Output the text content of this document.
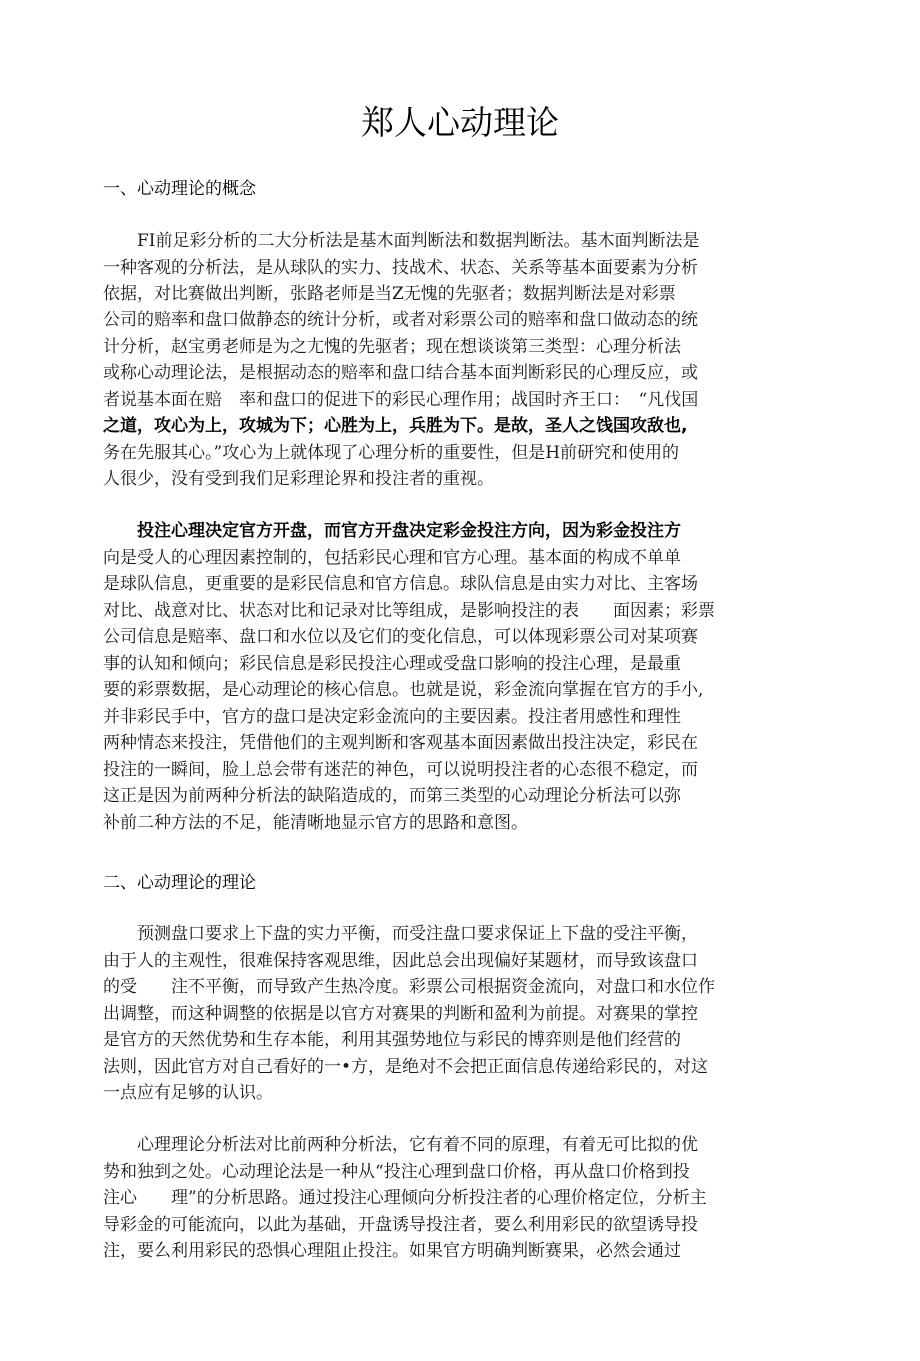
郑人心动理论
一、心动理论的概念
　　FI前足彩分析的二大分析法是基木面判断法和数据判断法。基木面判断法是
一种客观的分析法，是从球队的实力、技战术、状态、关系等基本面要素为分析
依据，对比赛做出判断，张路老师是当Z无愧的先驱者；数据判断法是对彩票
公司的赔率和盘口做静态的统计分析，或者对彩票公司的赔率和盘口做动态的统
计分析，赵宝勇老师是为之尢愧的先驱者；现在想谈谈第三类型：心理分析法
或称心动理论法，是根据动态的赔率和盘口结合基本面判断彩民的心理反应，或
者说基本面在赔　率和盘口的促进下的彩民心理作用；战国时齐王口：　“凡伐国
之道，攻心为上，攻城为下；心胜为上，兵胜为下。是故，圣人之饯国攻敌也,
务在先服其心。”攻心为上就体现了心理分析的重要性，但是H前研究和使用的
人很少，没有受到我们足彩理论界和投注者的重视。
　　投注心理决定官方开盘，而官方开盘决定彩金投注方向，因为彩金投注方
向是受人的心理因素控制的，包括彩民心理和官方心理。基本面的构成不单单
是球队信息，更重要的是彩民信息和官方信息。球队信息是由实力对比、主客场
对比、战意对比、状态对比和记录对比等组成，是影响投注的表　　面因素；彩票
公司信息是赔率、盘口和水位以及它们的变化信息，可以体现彩票公司对某项赛
事的认知和倾向；彩民信息是彩民投注心理或受盘口影响的投注心理，是最重
要的彩票数据，是心动理论的核心信息。也就是说，彩金流向掌握在官方的手小,
并非彩民手中，官方的盘口是决定彩金流向的主要因素。投注者用感性和理性
两种情态来投注，凭借他们的主观判断和客观基本面因素做出投注决定，彩民在
投注的一瞬间，脸丄总会带有迷茫的神色，可以说明投注者的心态很不稳定，而
这正是因为前两种分析法的缺陷造成的，而第三类型的心动理论分析法可以弥
补前二种方法的不足，能清晰地显示官方的思路和意图。
二、心动理论的理论
　　预测盘口要求上下盘的实力平衡，而受注盘口要求保证上下盘的受注平衡，
由于人的主观性，很难保持客观思维，因此总会出现偏好某题材，而导致该盘口
的受　　注不平衡，而导致产生热冷度。彩票公司根据资金流向，对盘口和水位作
出调整，而这种调整的依据是以官方对赛果的判断和盈利为前提。对赛果的掌控
是官方的天然优势和生存本能，利用其强势地位与彩民的博弈则是他们经营的
法则，因此官方对自己看好的一•方，是绝对不会把正面信息传递给彩民的，对这
一点应有足够的认识。
　　心理理论分析法对比前两种分析法，它有着不同的原理，有着无可比拟的优
势和独到之处。心动理论法是一种从“投注心理到盘口价格，再从盘口价格到投
注心　　理”的分析思路。通过投注心理倾向分析投注者的心理价格定位，分析主
导彩金的可能流向，以此为基础，开盘诱导投注者，要么利用彩民的欲望诱导投
注，要么利用彩民的恐惧心理阻止投注。如果官方明确判断赛果，必然会通过
